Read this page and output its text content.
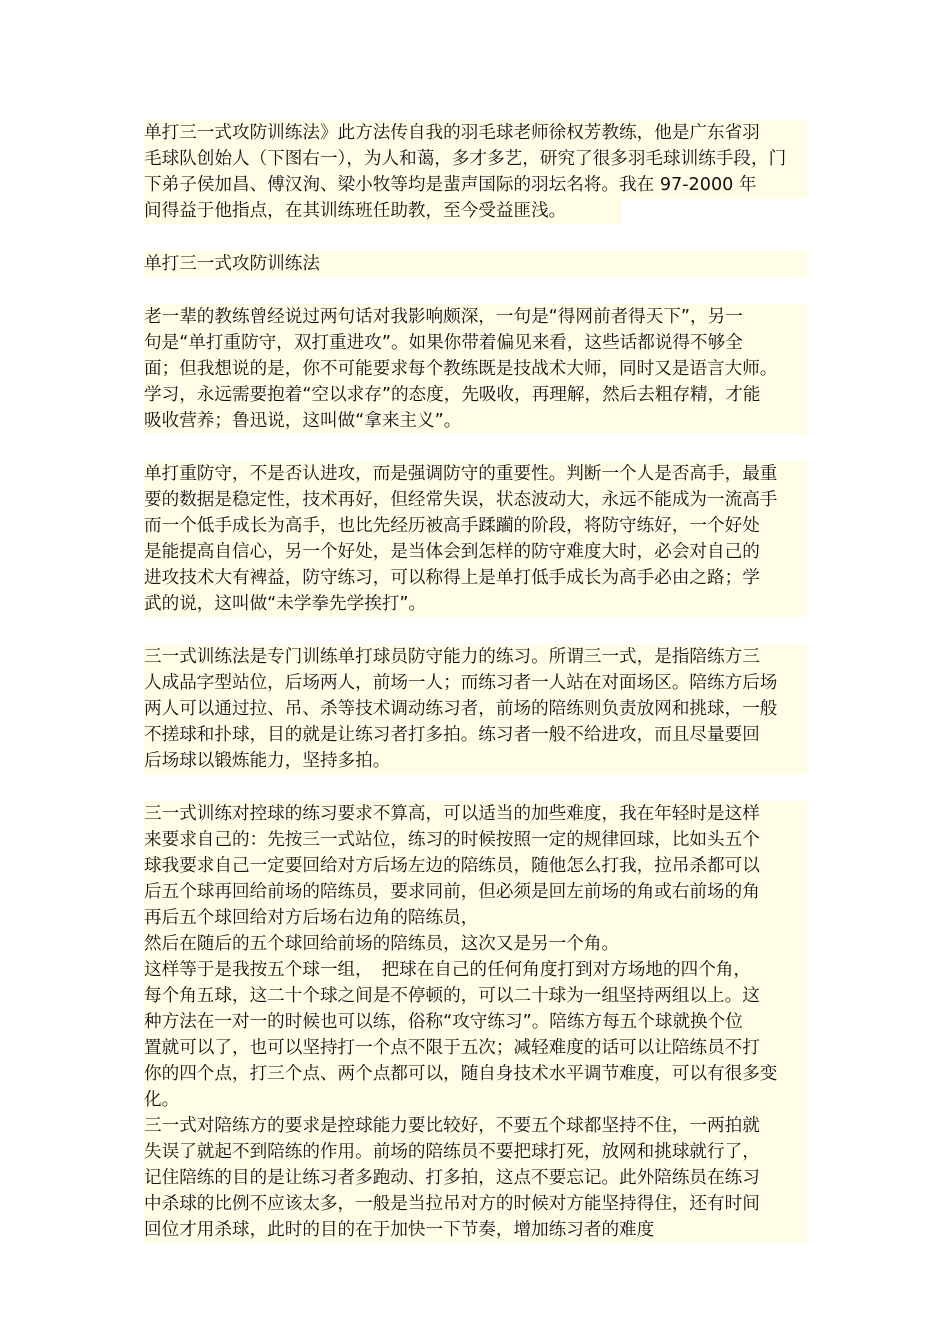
单打三一式攻防训练法》此方法传自我的羽毛球老师徐权芳教练，他是广东省羽
毛球队创始人（下图右一），为人和蔼，多才多艺，研究了很多羽毛球训练手段，门
下弟子侯加昌、傅汉洵、梁小牧等均是蜚声国际的羽坛名将。我在 97-2000 年
间得益于他指点，在其训练班任助教，至今受益匪浅。
单打三一式攻防训练法
老一辈的教练曾经说过两句话对我影响颇深，一句是“得网前者得天下”，另一
句是“单打重防守，双打重进攻”。如果你带着偏见来看，这些话都说得不够全
面；但我想说的是，你不可能要求每个教练既是技战术大师，同时又是语言大师。
学习，永远需要抱着“空以求存”的态度，先吸收，再理解，然后去粗存精，才能
吸收营养；鲁迅说，这叫做“拿来主义”。
单打重防守，不是否认进攻，而是强调防守的重要性。判断一个人是否高手，最重
要的数据是稳定性，技术再好，但经常失误，状态波动大，永远不能成为一流高手
而一个低手成长为高手，也比先经历被高手蹂躏的阶段，将防守练好，一个好处
是能提高自信心，另一个好处，是当体会到怎样的防守难度大时，必会对自己的
进攻技术大有裨益，防守练习，可以称得上是单打低手成长为高手必由之路；学
武的说，这叫做“未学拳先学挨打”。
三一式训练法是专门训练单打球员防守能力的练习。所谓三一式，是指陪练方三
人成品字型站位，后场两人，前场一人；而练习者一人站在对面场区。陪练方后场
两人可以通过拉、吊、杀等技术调动练习者，前场的陪练则负责放网和挑球，一般
不搓球和扑球，目的就是让练习者打多拍。练习者一般不给进攻，而且尽量要回
后场球以锻炼能力，坚持多拍。
三一式训练对控球的练习要求不算高，可以适当的加些难度，我在年轻时是这样
来要求自己的：先按三一式站位，练习的时候按照一定的规律回球，比如头五个
球我要求自己一定要回给对方后场左边的陪练员，随他怎么打我，拉吊杀都可以
后五个球再回给前场的陪练员，要求同前，但必须是回左前场的角或右前场的角
再后五个球回给对方后场右边角的陪练员，
然后在随后的五个球回给前场的陪练员，这次又是另一个角。
这样等于是我按五个球一组，　把球在自己的任何角度打到对方场地的四个角，
每个角五球，这二十个球之间是不停顿的，可以二十球为一组坚持两组以上。这
种方法在一对一的时候也可以练，俗称“攻守练习”。陪练方每五个球就换个位
置就可以了，也可以坚持打一个点不限于五次；减轻难度的话可以让陪练员不打
你的四个点，打三个点、两个点都可以，随自身技术水平调节难度，可以有很多变
化。
三一式对陪练方的要求是控球能力要比较好，不要五个球都坚持不住，一两拍就
失误了就起不到陪练的作用。前场的陪练员不要把球打死，放网和挑球就行了，
记住陪练的目的是让练习者多跑动、打多拍，这点不要忘记。此外陪练员在练习
中杀球的比例不应该太多，一般是当拉吊对方的时候对方能坚持得住，还有时间
回位才用杀球，此时的目的在于加快一下节奏，增加练习者的难度
